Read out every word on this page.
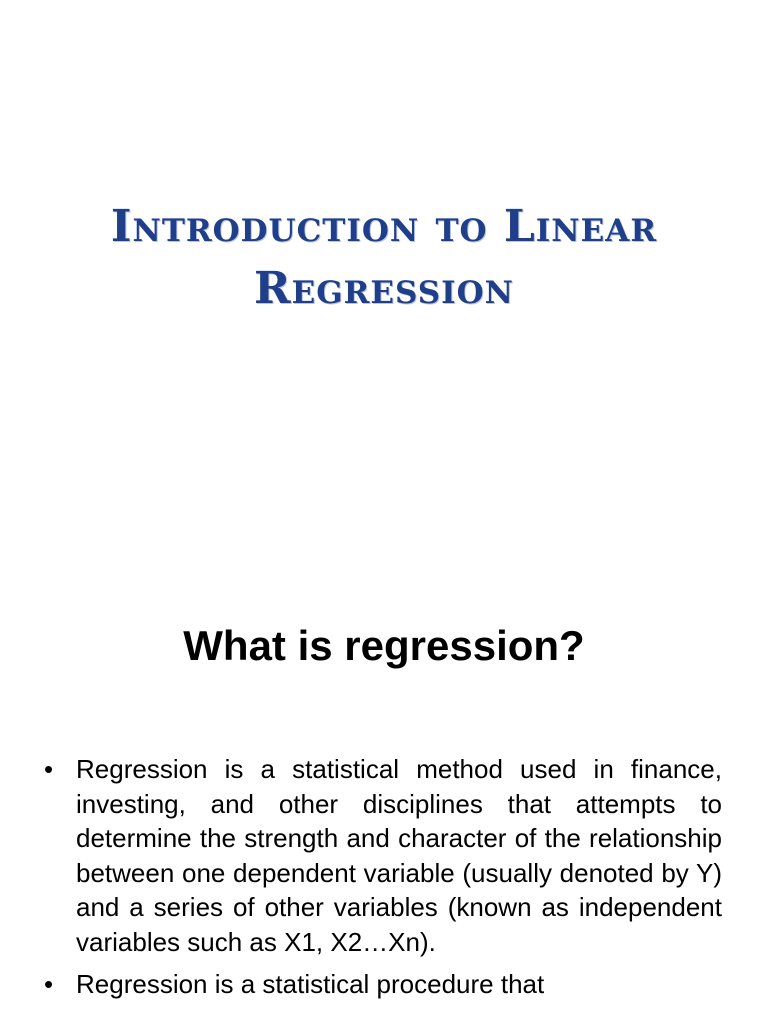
Introduction to Linear Regression
What is regression?
• Regression is a statistical method used in finance, investing, and other disciplines that attempts to determine the strength and character of the relationship between one dependent variable (usually denoted by Y) and a series of other variables (known as independent variables such as X1, X2…Xn).
• Regression is a statistical procedure that
